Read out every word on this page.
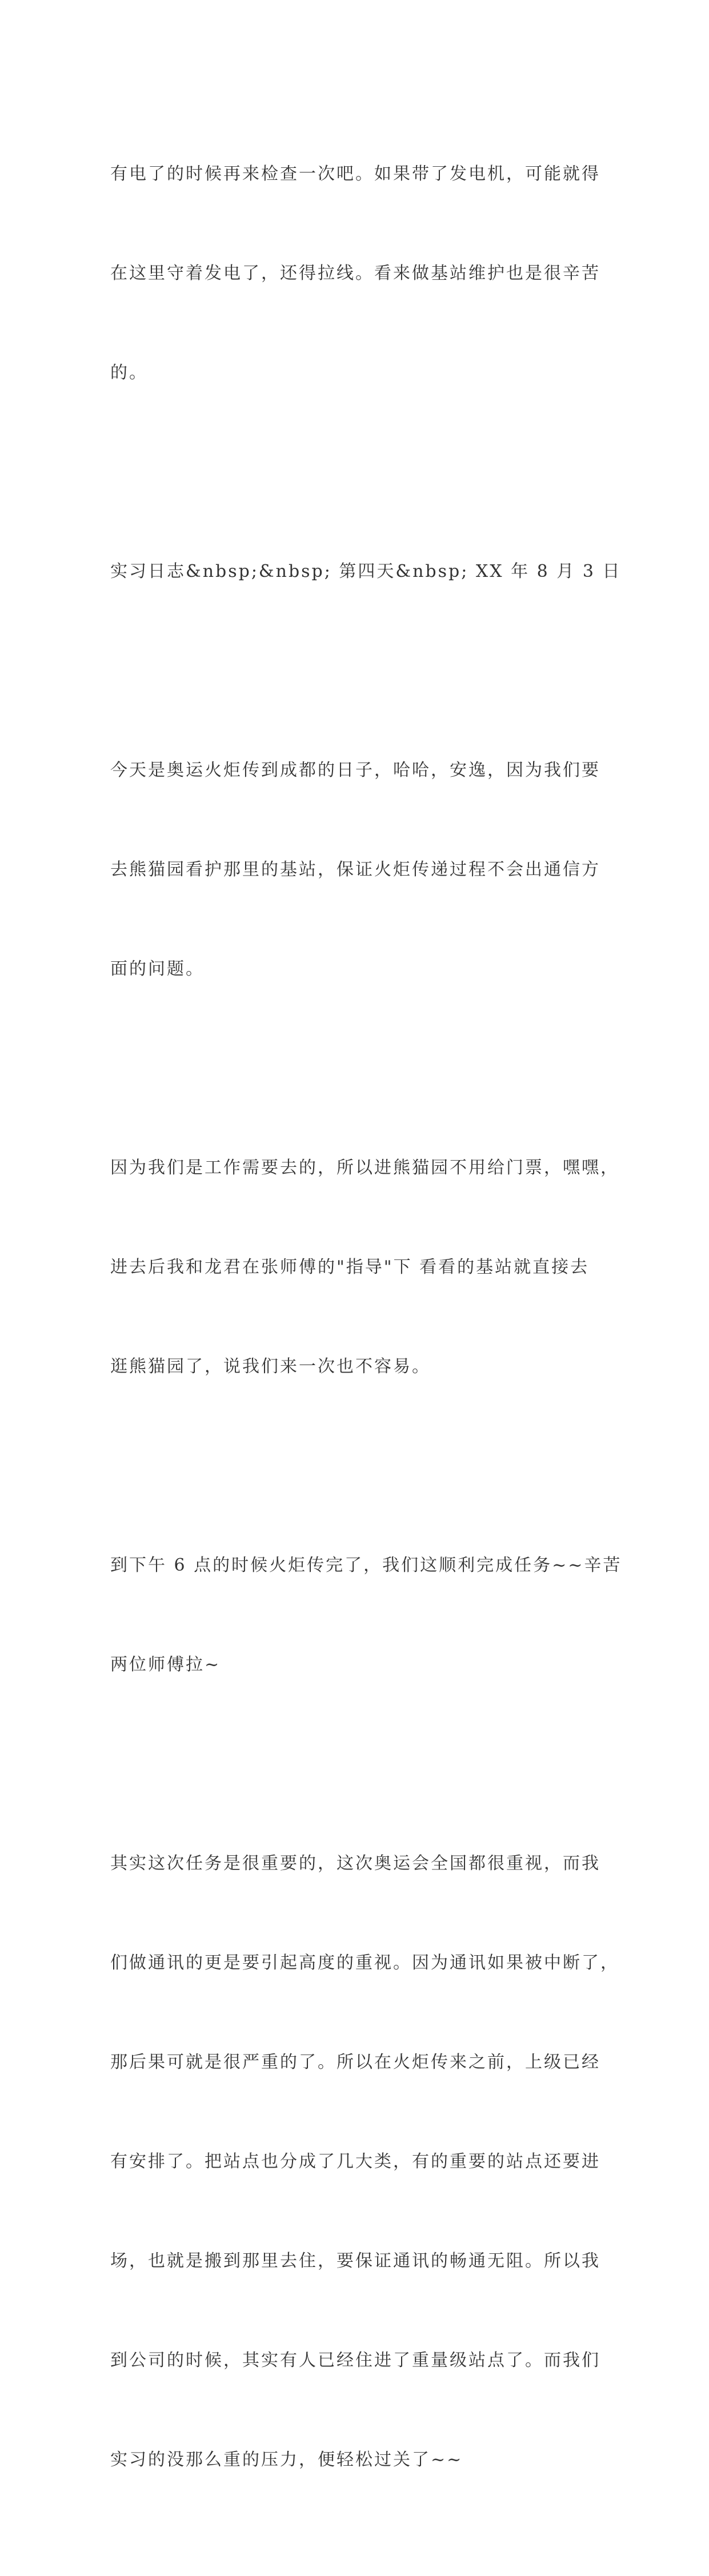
有电了的时候再来检查一次吧。如果带了发电机，可能就得

在这里守着发电了，还得拉线。看来做基站维护也是很辛苦

的。

实习日志&nbsp;&nbsp; 第四天&nbsp; XX 年 8 月 3 日

今天是奥运火炬传到成都的日子，哈哈，安逸，因为我们要

去熊猫园看护那里的基站，保证火炬传递过程不会出通信方

面的问题。

因为我们是工作需要去的，所以进熊猫园不用给门票，嘿嘿，

进去后我和龙君在张师傅的"指导"下 看看的基站就直接去

逛熊猫园了，说我们来一次也不容易。

到下午 6 点的时候火炬传完了，我们这顺利完成任务~~辛苦

两位师傅拉~

其实这次任务是很重要的，这次奥运会全国都很重视，而我

们做通讯的更是要引起高度的重视。因为通讯如果被中断了，

那后果可就是很严重的了。所以在火炬传来之前，上级已经

有安排了。把站点也分成了几大类，有的重要的站点还要进

场，也就是搬到那里去住，要保证通讯的畅通无阻。所以我

到公司的时候，其实有人已经住进了重量级站点了。而我们

实习的没那么重的压力，便轻松过关了~~
